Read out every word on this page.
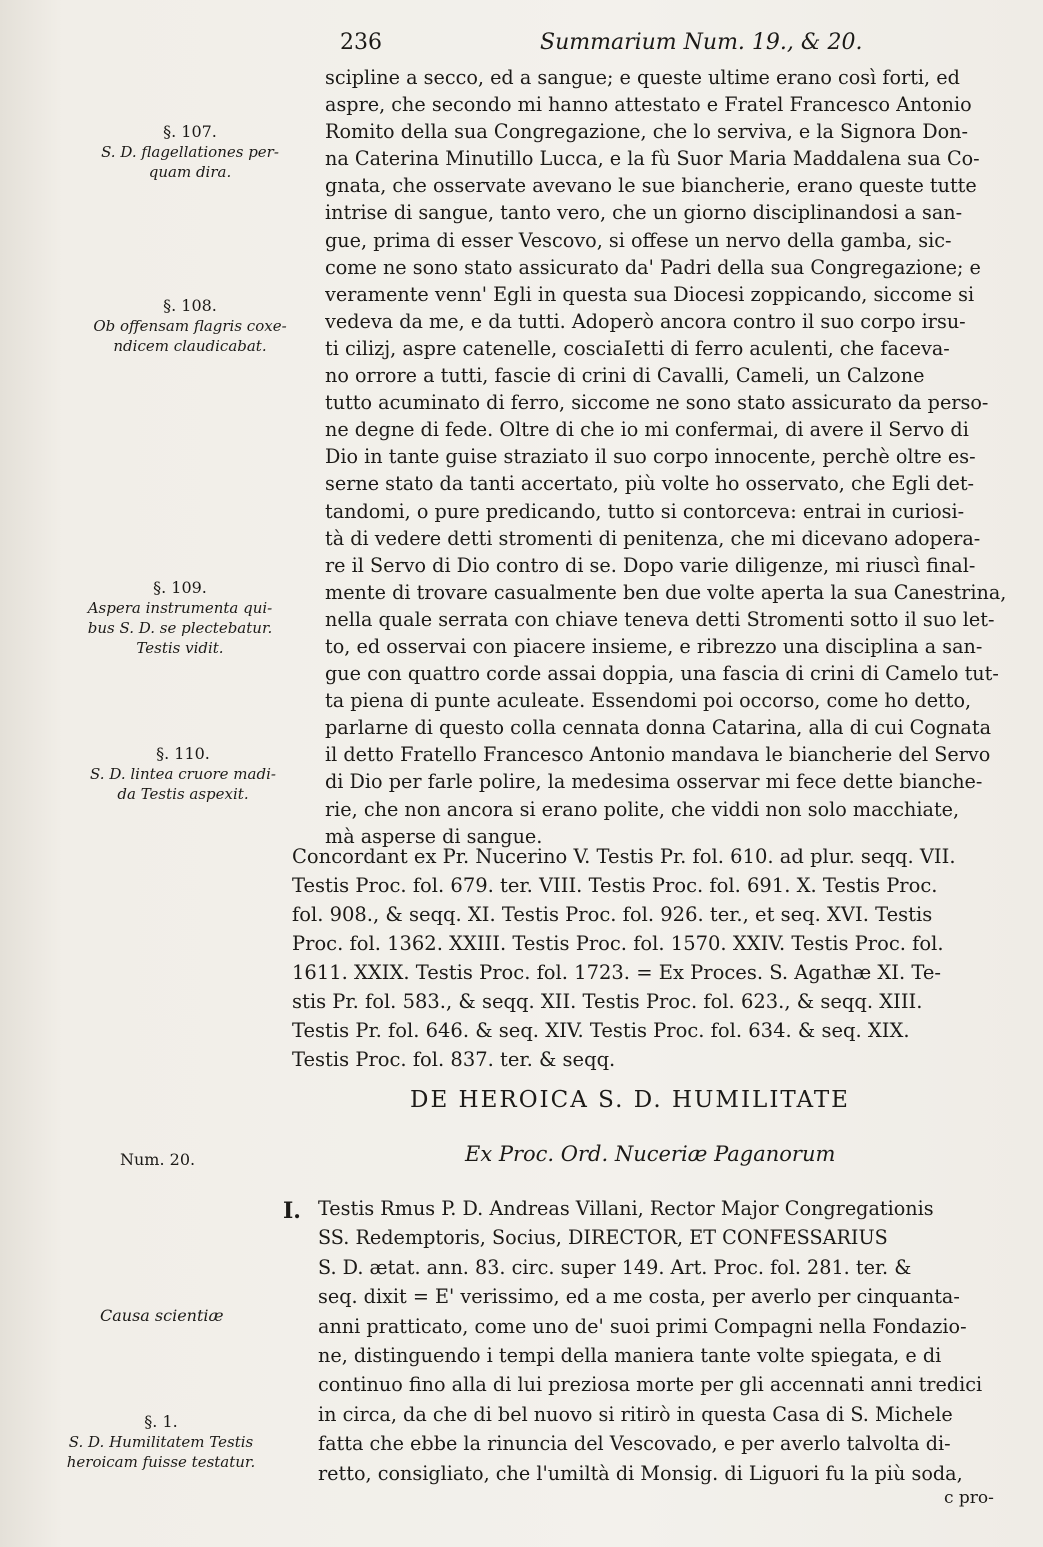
236	Summarium Num. 19., & 20.
scipline a secco, ed a sangue; e queste ultime erano così forti, ed
aspre, che secondo mi hanno attestato e Fratel Francesco Antonio
Romito della sua Congregazione, che lo serviva, e la Signora Don-
na Caterina Minutillo Lucca, e la fù Suor Maria Maddalena sua Co-
gnata, che osservate avevano le sue biancherie, erano queste tutte
intrise di sangue, tanto vero, che un giorno disciplinandosi a san-
gue, prima di esser Vescovo, si offese un nervo della gamba, sic-
come ne sono stato assicurato da' Padri della sua Congregazione; e
veramente venn' Egli in questa sua Diocesi zoppicando, siccome si
vedeva da me, e da tutti. Adoperò ancora contro il suo corpo irsu-
ti cilizj, aspre catenelle, cosciaIetti di ferro aculenti, che faceva-
no orrore a tutti, fascie di crini di Cavalli, Cameli, un Calzone
tutto acuminato di ferro, siccome ne sono stato assicurato da perso-
ne degne di fede. Oltre di che io mi confermai, di avere il Servo di
Dio in tante guise straziato il suo corpo innocente, perchè oltre es-
serne stato da tanti accertato, più volte ho osservato, che Egli det-
tandomi, o pure predicando, tutto si contorceva: entrai in curiosi-
tà di vedere detti stromenti di penitenza, che mi dicevano adopera-
re il Servo di Dio contro di se. Dopo varie diligenze, mi riuscì final-
mente di trovare casualmente ben due volte aperta la sua Canestrina,
nella quale serrata con chiave teneva detti Stromenti sotto il suo let-
to, ed osservai con piacere insieme, e ribrezzo una disciplina a san-
gue con quattro corde assai doppia, una fascia di crini di Camelo tut-
ta piena di punte aculeate. Essendomi poi occorso, come ho detto,
parlarne di questo colla cennata donna Catarina, alla di cui Cognata
il detto Fratello Francesco Antonio mandava le biancherie del Servo
di Dio per farle polire, la medesima osservar mi fece dette bianche-
rie, che non ancora si erano polite, che viddi non solo macchiate,
mà asperse di sangue.
Concordant ex Pr. Nucerino V. Testis Pr. fol. 610. ad plur. seqq. VII.
Testis Proc. fol. 679. ter. VIII. Testis Proc. fol. 691. X. Testis Proc.
fol. 908., & seqq. XI. Testis Proc. fol. 926. ter., et seq. XVI. Testis
Proc. fol. 1362. XXIII. Testis Proc. fol. 1570. XXIV. Testis Proc. fol.
1611. XXIX. Testis Proc. fol. 1723. = Ex Proces. S. Agathæ XI. Te-
stis Pr. fol. 583., & seqq. XII. Testis Proc. fol. 623., & seqq. XIII.
Testis Pr. fol. 646. & seq. XIV. Testis Proc. fol. 634. & seq. XIX.
Testis Proc. fol. 837. ter. & seqq.
DE HEROICA S. D. HUMILITATE
Ex Proc. Ord. Nuceriæ Paganorum
I. Testis Rmus P. D. Andreas Villani, Rector Major Congregationis
SS. Redemptoris, Socius, DIRECTOR, ET CONFESSARIUS
S. D. ætat. ann. 83. circ. super 149. Art. Proc. fol. 281. ter. &
seq. dixit = E' verissimo, ed a me costa, per averlo per cinquanta-
anni pratticato, come uno de' suoi primi Compagni nella Fondazio-
ne, distinguendo i tempi della maniera tante volte spiegata, e di
continuo fino alla di lui preziosa morte per gli accennati anni tredici
in circa, da che di bel nuovo si ritirò in questa Casa di S. Michele
fatta che ebbe la rinuncia del Vescovado, e per averlo talvolta di-
retto, consigliato, che l'umiltà di Monsig. di Liguori fu la più soda,
c pro-
§. 107.
S. D. flagellationes per-
quam dira.
§. 108.
Ob offensam flagris coxe-
ndicem claudicabat.
§. 109.
Aspera instrumenta qui-
bus S. D. se plectebatur.
Testis vidit.
§. 110.
S. D. lintea cruore madi-
da Testis aspexit.
Num. 20.
Causa scientiæ
§. 1.
S. D. Humilitatem Testis
heroicam fuisse testatur.
